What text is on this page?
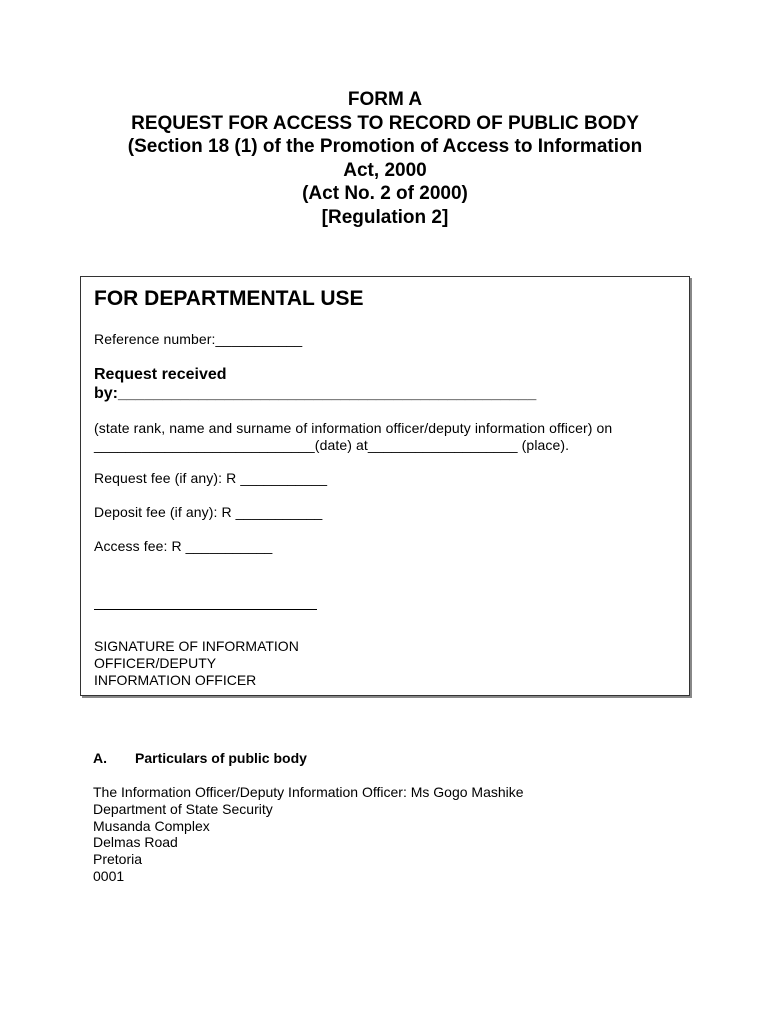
FORM A
REQUEST FOR ACCESS TO RECORD OF PUBLIC BODY
(Section 18 (1) of the Promotion of Access to Information
Act, 2000
(Act No. 2 of 2000)
[Regulation 2]
FOR DEPARTMENTAL USE
Reference number:___________
Request received
by:_______________________________________________
(state rank, name and surname of information officer/deputy information officer) on
____________________________(date) at___________________ (place).
Request fee (if any): R ___________
Deposit fee (if any): R ___________
Access fee: R ___________
SIGNATURE OF INFORMATION
OFFICER/DEPUTY
INFORMATION OFFICER
A. Particulars of public body
The Information Officer/Deputy Information Officer: Ms Gogo Mashike
Department of State Security
Musanda Complex
Delmas Road
Pretoria
0001
